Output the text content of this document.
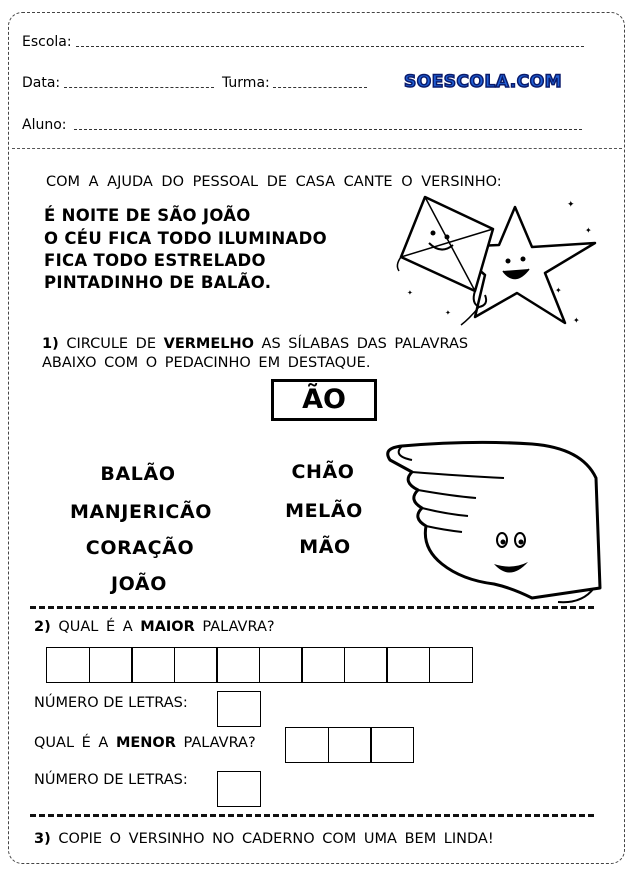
Escola:
Data:	Turma:	SOESCOLA.COM
Aluno:
COM A AJUDA DO PESSOAL DE CASA CANTE O VERSINHO:
É NOITE DE SÃO JOÃO
O CÉU FICA TODO ILUMINADO
FICA TODO ESTRELADO
PINTADINHO DE BALÃO.
✦
✦
✦
✦
✦
✦
1) CIRCULE DE VERMELHO AS SÍLABAS DAS PALAVRAS
ABAIXO COM O PEDACINHO EM DESTAQUE.
ÃO
BALÃO
MANJERICÃO
CORAÇÃO
JOÃO
CHÃO
MELÃO
MÃO
2) QUAL É A MAIOR PALAVRA?
NÚMERO DE LETRAS:
QUAL É A MENOR PALAVRA?
NÚMERO DE LETRAS:
3) COPIE O VERSINHO NO CADERNO COM UMA BEM LINDA!
